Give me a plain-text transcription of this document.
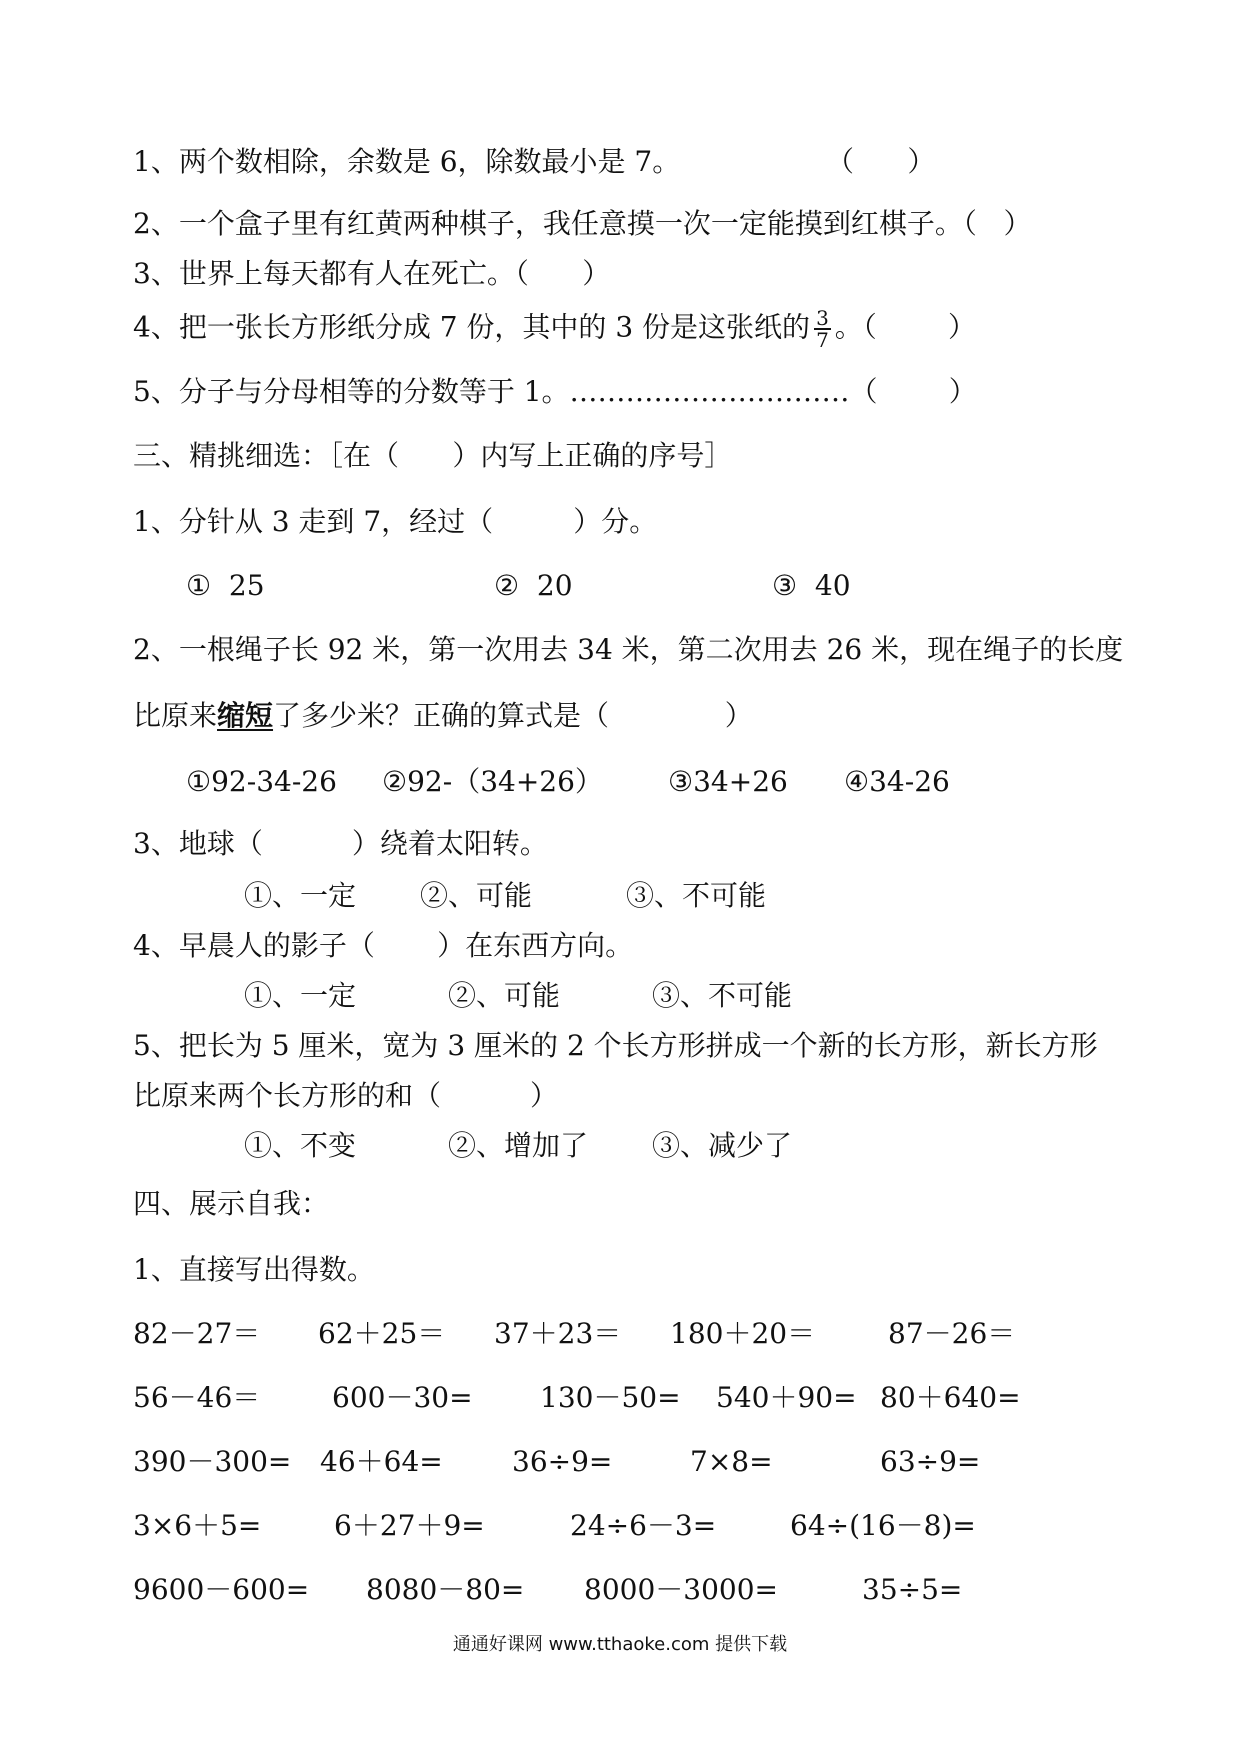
1、两个数相除，余数是 6，除数最小是 7。	（      ）
2、一个盒子里有红黄两种棋子，我任意摸一次一定能摸到红棋子。（   ）
3、世界上每天都有人在死亡。（      ）
4、把一张长方形纸分成 7 份，其中的 3 份是这张纸的 $\frac{3}{7}$ 。（        ）
5、分子与分母相等的分数等于 1。…………………………（        ）
三、精挑细选：［在（      ）内写上正确的序号］
1、分针从 3 走到 7，经过（         ）分。
①  25	②  20	③  40
2、一根绳子长 92 米，第一次用去 34 米，第二次用去 26 米，现在绳子的长度
比原来缩短了多少米？正确的算式是（             ）
①92-34-26 ②92-（34+26） ③34+26 ④34-26
3、地球（          ）绕着太阳转。
①、一定 ②、可能	③、不可能
4、早晨人的影子（       ）在东西方向。
①、一定	②、可能	③、不可能
5、把长为 5 厘米，宽为 3 厘米的 2 个长方形拼成一个新的长方形，新长方形
比原来两个长方形的和（          ）
①、不变	②、增加了 ③、减少了
四、展示自我：
1、直接写出得数。
82－27＝ 62＋25＝ 37＋23＝ 180＋20＝	87－26＝
56－46＝	600－30= 130－50= 540＋90= 80＋640=
390－300= 46＋64= 36÷9=	7×8=	63÷9=
3×6＋5=	6＋27＋9=	24÷6－3=	64÷(16－8)=
9600－600= 8080－80= 8000－3000=	35÷5=
通通好课网 www.tthaoke.com 提供下载
